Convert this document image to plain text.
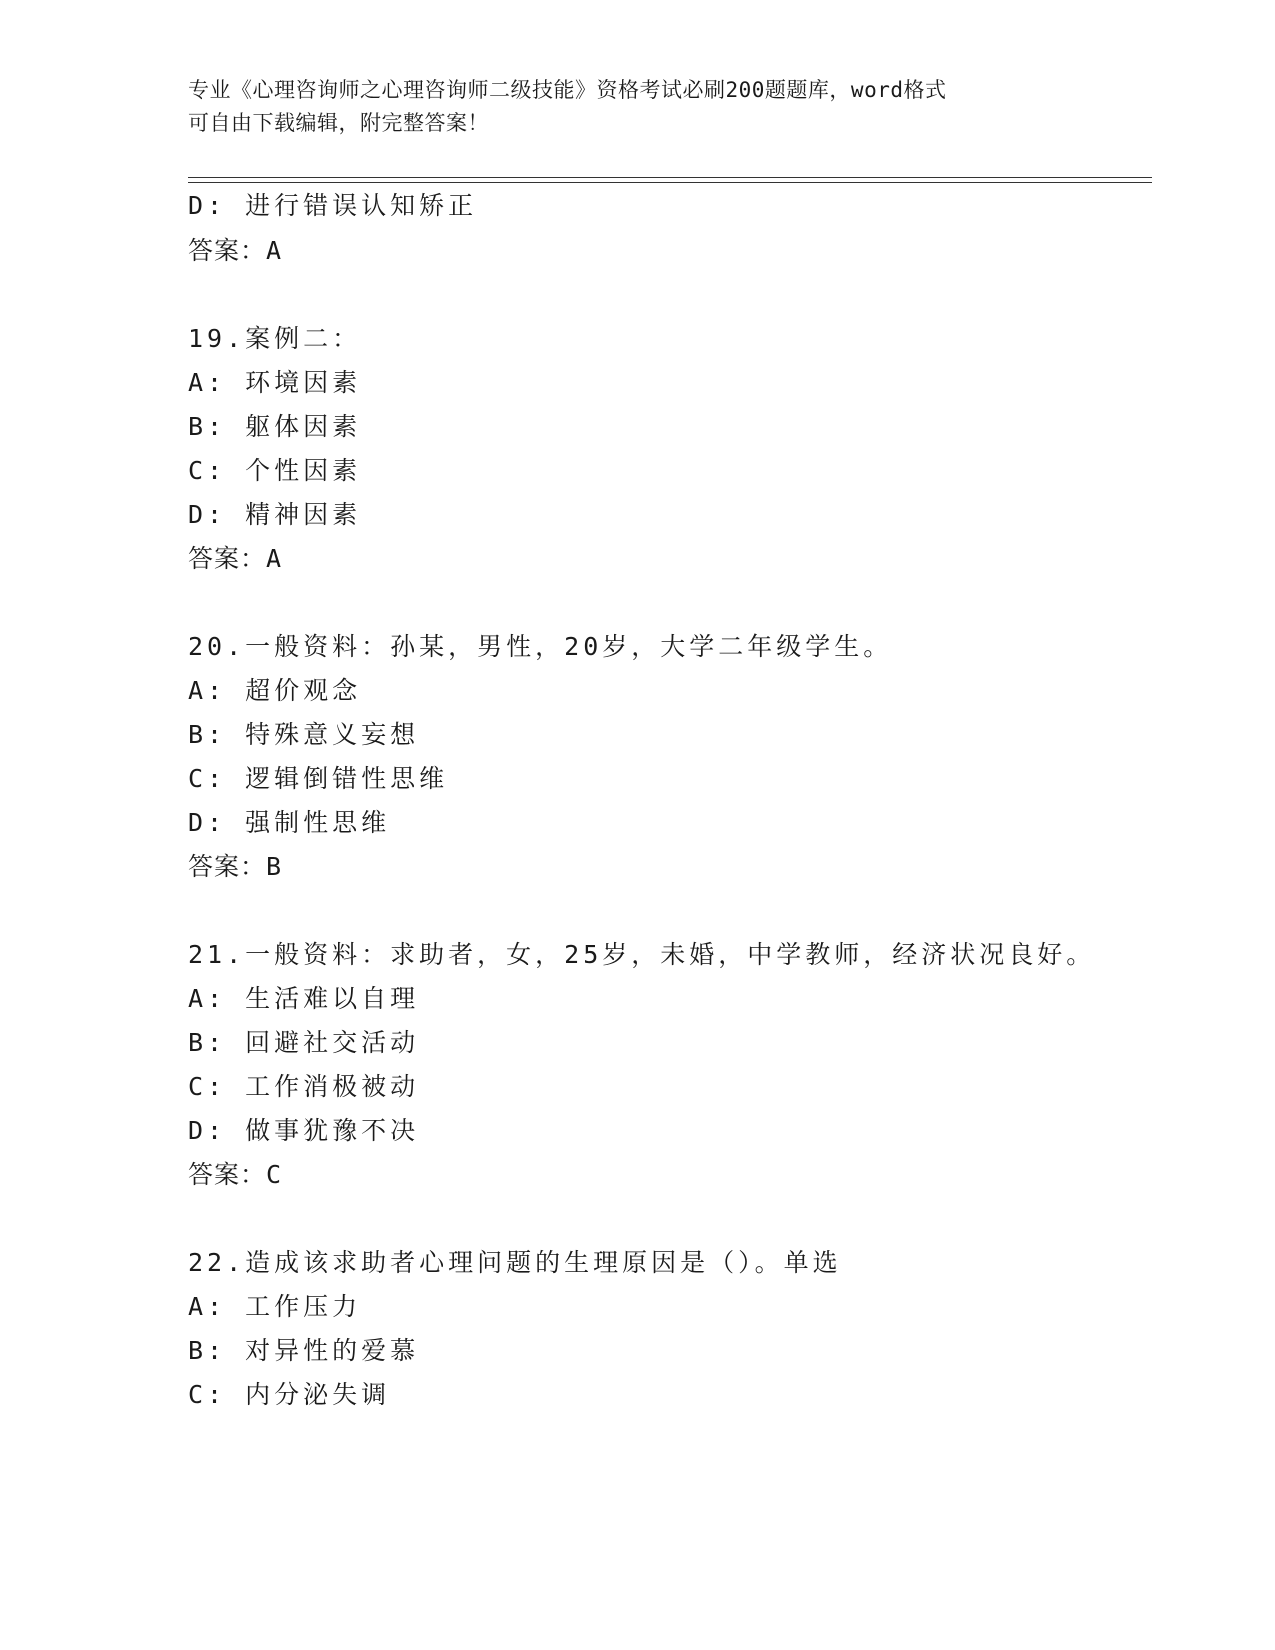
专业《心理咨询师之心理咨询师二级技能》资格考试必刷200题题库，word格式
可自由下载编辑，附完整答案！
D: 进行错误认知矫正
答案：A
19.案例二：
A: 环境因素
B: 躯体因素
C: 个性因素
D: 精神因素
答案：A
20.一般资料：孙某，男性，20岁，大学二年级学生。
A: 超价观念
B: 特殊意义妄想
C: 逻辑倒错性思维
D: 强制性思维
答案：B
21.一般资料：求助者，女，25岁，未婚，中学教师，经济状况良好。
A: 生活难以自理
B: 回避社交活动
C: 工作消极被动
D: 做事犹豫不决
答案：C
22.造成该求助者心理问题的生理原因是（）。单选
A: 工作压力
B: 对异性的爱慕
C: 内分泌失调
